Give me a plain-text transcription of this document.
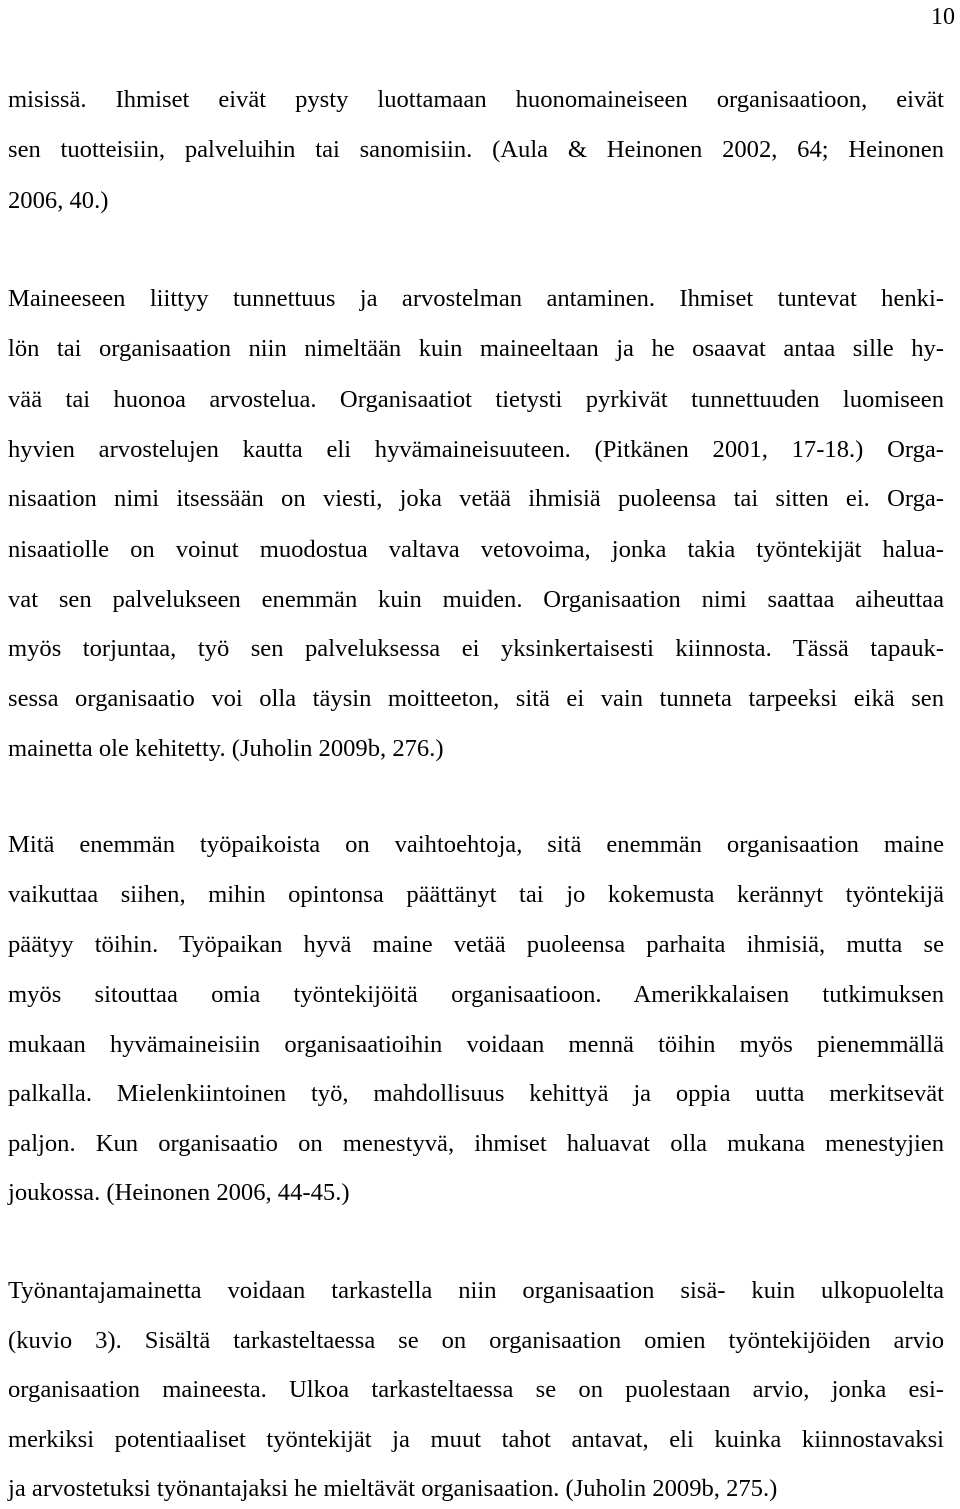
10
misissä. Ihmiset eivät pysty luottamaan huonomaineiseen organisaatioon, eivät
sen tuotteisiin, palveluihin tai sanomisiin. (Aula & Heinonen 2002, 64; Heinonen
2006, 40.)
Maineeseen liittyy tunnettuus ja arvostelman antaminen. Ihmiset tuntevat henki-
lön tai organisaation niin nimeltään kuin maineeltaan ja he osaavat antaa sille hy-
vää tai huonoa arvostelua. Organisaatiot tietysti pyrkivät tunnettuuden luomiseen
hyvien arvostelujen kautta eli hyvämaineisuuteen. (Pitkänen 2001, 17-18.) Orga-
nisaation nimi itsessään on viesti, joka vetää ihmisiä puoleensa tai sitten ei. Orga-
nisaatiolle on voinut muodostua valtava vetovoima, jonka takia työntekijät halua-
vat sen palvelukseen enemmän kuin muiden. Organisaation nimi saattaa aiheuttaa
myös torjuntaa, työ sen palveluksessa ei yksinkertaisesti kiinnosta. Tässä tapauk-
sessa organisaatio voi olla täysin moitteeton, sitä ei vain tunneta tarpeeksi eikä sen
mainetta ole kehitetty. (Juholin 2009b, 276.)
Mitä enemmän työpaikoista on vaihtoehtoja, sitä enemmän organisaation maine
vaikuttaa siihen, mihin opintonsa päättänyt tai jo kokemusta kerännyt työntekijä
päätyy töihin. Työpaikan hyvä maine vetää puoleensa parhaita ihmisiä, mutta se
myös sitouttaa omia työntekijöitä organisaatioon. Amerikkalaisen tutkimuksen
mukaan hyvämaineisiin organisaatioihin voidaan mennä töihin myös pienemmällä
palkalla. Mielenkiintoinen työ, mahdollisuus kehittyä ja oppia uutta merkitsevät
paljon. Kun organisaatio on menestyvä, ihmiset haluavat olla mukana menestyjien
joukossa. (Heinonen 2006, 44-45.)
Työnantajamainetta voidaan tarkastella niin organisaation sisä- kuin ulkopuolelta
(kuvio 3). Sisältä tarkasteltaessa se on organisaation omien työntekijöiden arvio
organisaation maineesta. Ulkoa tarkasteltaessa se on puolestaan arvio, jonka esi-
merkiksi potentiaaliset työntekijät ja muut tahot antavat, eli kuinka kiinnostavaksi
ja arvostetuksi työnantajaksi he mieltävät organisaation. (Juholin 2009b, 275.)
